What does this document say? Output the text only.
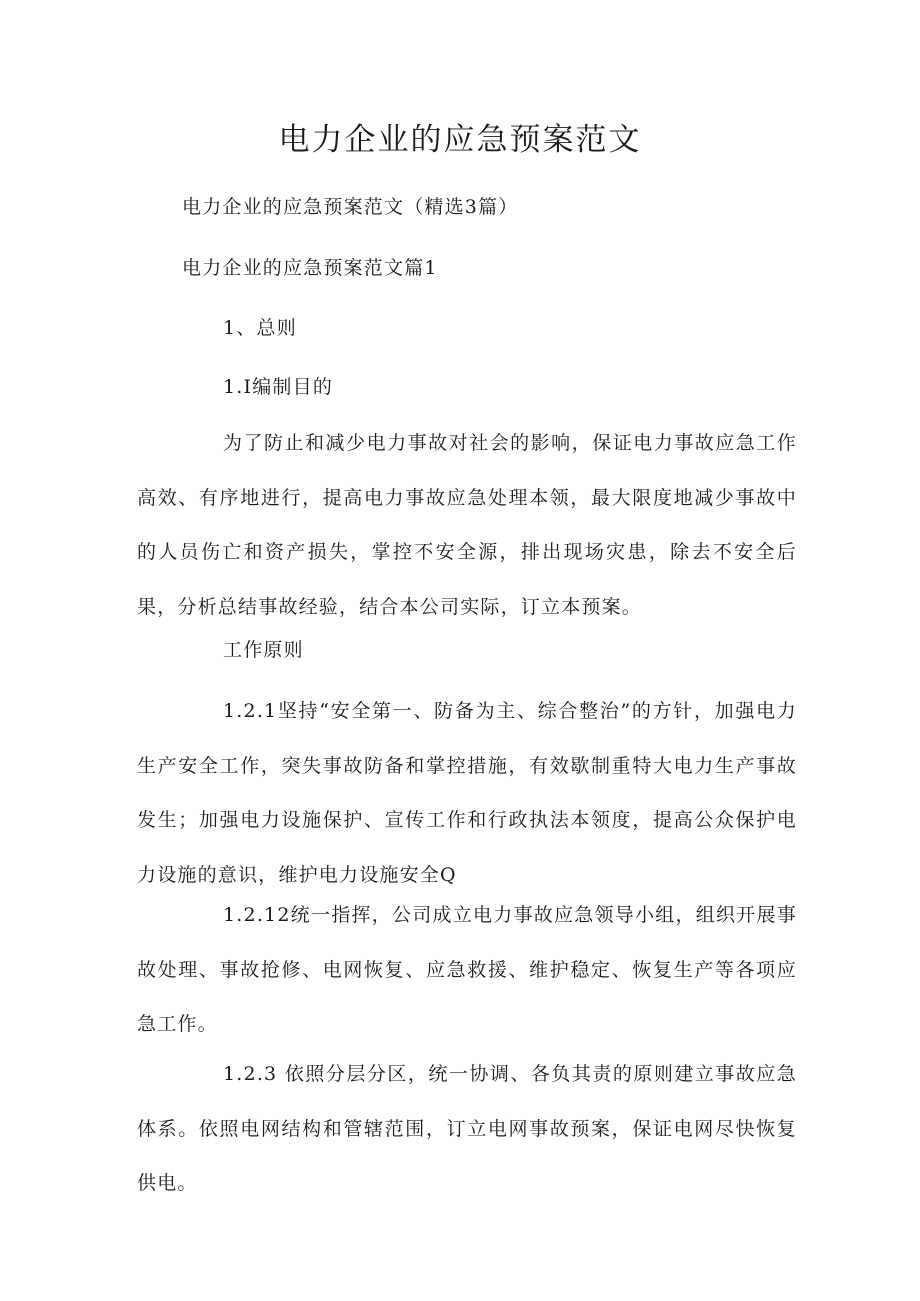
电力企业的应急预案范文

电力企业的应急预案范文（精选3篇）

电力企业的应急预案范文篇1

1、总则

1.I编制目的

为了防止和减少电力事故对社会的影响，保证电力事故应急工作高效、有序地进行，提高电力事故应急处理本领，最大限度地减少事故中的人员伤亡和资产损失，掌控不安全源，排出现场灾患，除去不安全后果，分析总结事故经验，结合本公司实际，订立本预案。

工作原则

1.2.1坚持“安全第一、防备为主、综合整治”的方针，加强电力生产安全工作，突失事故防备和掌控措施，有效歇制重特大电力生产事故发生；加强电力设施保护、宣传工作和行政执法本领度，提高公众保护电力设施的意识，维护电力设施安全Q

1.2.12统一指挥，公司成立电力事故应急领导小组，组织开展事故处理、事故抢修、电网恢复、应急救援、维护稳定、恢复生产等各项应急工作。

1.2.3 依照分层分区，统一协调、各负其责的原则建立事故应急体系。依照电网结构和管辖范围，订立电网事故预案，保证电网尽快恢复供电。
